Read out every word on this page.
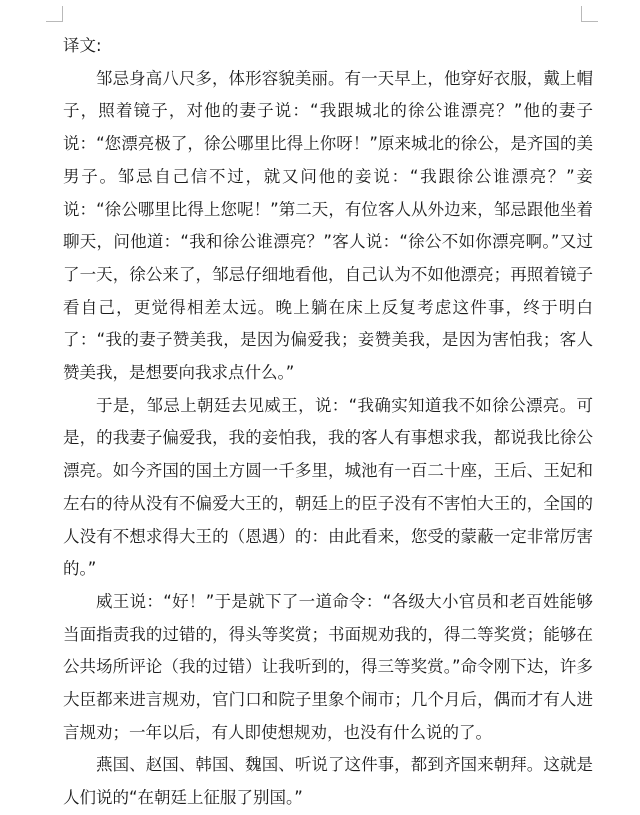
译文:

邹忌身高八尺多，体形容貌美丽。有一天早上，他穿好衣服，戴上帽子，照着镜子，对他的妻子说：“我跟城北的徐公谁漂亮？”他的妻子说：“您漂亮极了，徐公哪里比得上你呀！”原来城北的徐公，是齐国的美男子。邹忌自己信不过，就又问他的妾说：“我跟徐公谁漂亮？”妾说：“徐公哪里比得上您呢！”第二天，有位客人从外边来，邹忌跟他坐着聊天，问他道：“我和徐公谁漂亮？”客人说：“徐公不如你漂亮啊。”又过了一天，徐公来了，邹忌仔细地看他，自己认为不如他漂亮；再照着镜子看自己，更觉得相差太远。晚上躺在床上反复考虑这件事，终于明白了：“我的妻子赞美我，是因为偏爱我；妾赞美我，是因为害怕我；客人赞美我，是想要向我求点什么。”

于是，邹忌上朝廷去见威王，说：“我确实知道我不如徐公漂亮。可是，的我妻子偏爱我，我的妾怕我，我的客人有事想求我，都说我比徐公漂亮。如今齐国的国土方圆一千多里，城池有一百二十座，王后、王妃和左右的待从没有不偏爱大王的，朝廷上的臣子没有不害怕大王的，全国的人没有不想求得大王的（恩遇）的：由此看来，您受的蒙蔽一定非常厉害的。”

威王说：“好！”于是就下了一道命令：“各级大小官员和老百姓能够当面指责我的过错的，得头等奖赏；书面规劝我的，得二等奖赏；能够在公共场所评论（我的过错）让我听到的，得三等奖赏。”命令刚下达，许多大臣都来进言规劝，官门口和院子里象个闹市；几个月后，偶而才有人进言规劝；一年以后，有人即使想规劝，也没有什么说的了。

燕国、赵国、韩国、魏国、听说了这件事，都到齐国来朝拜。这就是人们说的“在朝廷上征服了别国。”
